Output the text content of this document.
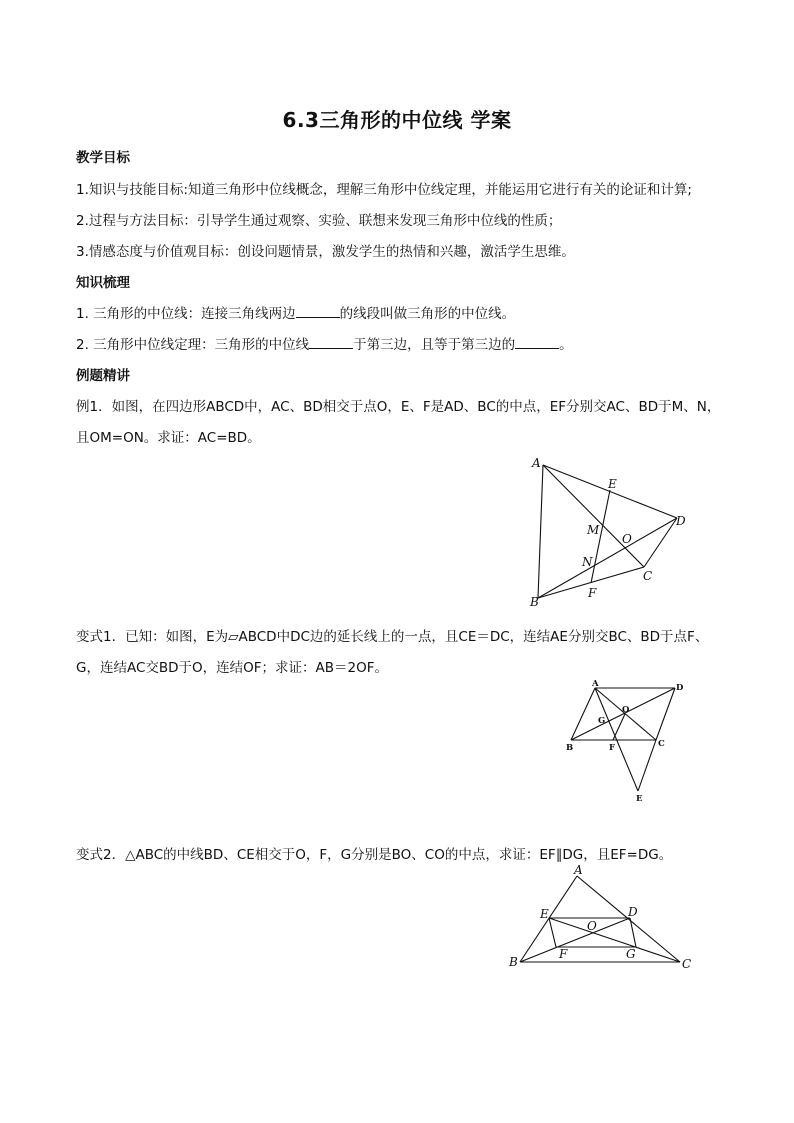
6.3三角形的中位线 学案
教学目标
1.知识与技能目标:知道三角形中位线概念，理解三角形中位线定理，并能运用它进行有关的论证和计算;
2.过程与方法目标：引导学生通过观察、实验、联想来发现三角形中位线的性质；
3.情感态度与价值观目标：创设问题情景，激发学生的热情和兴趣，激活学生思维。
知识梳理
1. 三角形的中位线：连接三角线两边	的线段叫做三角形的中位线。
2. 三角形中位线定理：三角形的中位线	于第三边，且等于第三边的	。
例题精讲
例1．如图，在四边形ABCD中，AC、BD相交于点O，E、F是AD、BC的中点，EF分别交AC、BD于M、N，
且OM=ON。求证：AC=BD。
A
B
C
D
E
F
M
N
O
变式1．已知：如图，E为▱ABCD中DC边的延长线上的一点，且CE＝DC，连结AE分别交BC、BD于点F、
G，连结AC交BD于O，连结OF；求证：AB＝2OF。
A
B	C
D
E
F
G
O
变式2．△ABC的中线BD、CE相交于O，F，G分别是BO、CO的中点，求证：EF∥DG，且EF=DG。
A
B	C
D
E
F	G
O
